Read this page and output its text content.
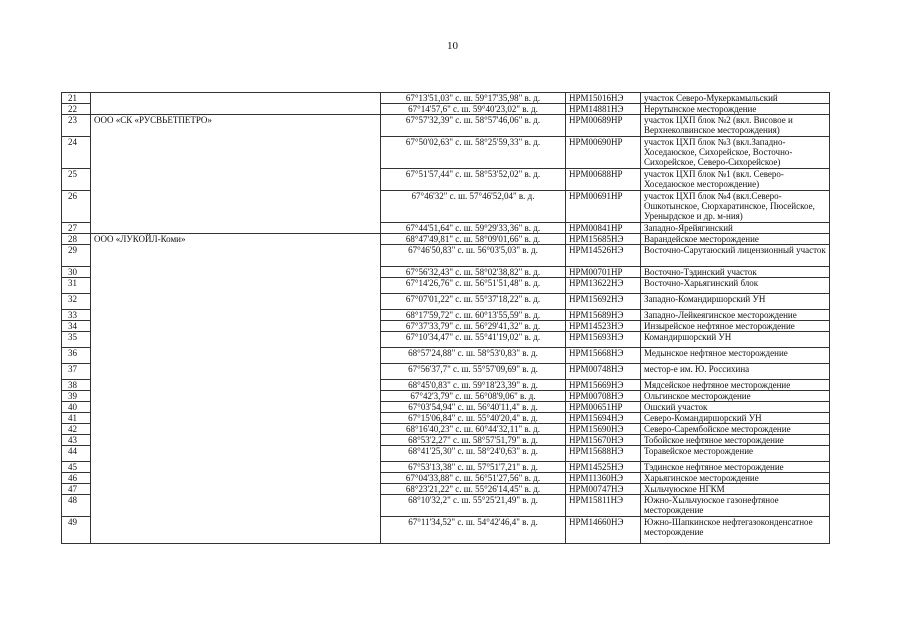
10
21		67°13'51,03" с. ш. 59°17'35,98" в. д.	НРМ15016НЭ	участок Северо-Мукеркамыльский
22		67°14'57,6" с. ш. 59°40'23,02" в. д.	НРМ14881НЭ	Нерутынское месторождение
23	ООО «СК «РУСВЬЕТПЕТРО»	67°57'32,39" с. ш. 58°57'46,06" в. д.	НРМ00689НР	участок ЦХП блок №2 (вкл. Висовое и Верхнеколвинское месторождения)
24		67°50'02,63" с. ш. 58°25'59,33" в. д.	НРМ00690НР	участок ЦХП блок №3 (вкл.Западно-Хоседаюское, Сихорейское, Восточно-Сихорейское, Северо-Сихорейское)
25		67°51'57,44" с. ш. 58°53'52,02" в. д.	НРМ00688НР	участок ЦХП блок №1 (вкл. Северо-Хоседаюское месторождение)
26		67°46'32" с. ш. 57°46'52,04" в. д.	НРМ00691НР	участок ЦХП блок №4 (вкл.Северо-Ошкотынское, Сюрхаратинское, Пюсейское, Уренырдское и др. м-ния)
27		67°44'51,64" с. ш. 59°29'33,36" в. д.	НРМ00841НР	Западно-Ярейягинский
28	ООО «ЛУКОЙЛ-Коми»	68°47'49,81" с. ш. 58°09'01,66" в. д.	НРМ15685НЭ	Варандейское месторождение
29		67°46'50,83" с. ш. 56°03'5,03" в. д.	НРМ14526НЭ	Восточно-Сарутаюский лицензионный участок
30		67°56'32,43" с. ш. 58°02'38,82" в. д.	НРМ00701НР	Восточно-Тэдинский участок
31		67°14'26,76" с. ш. 56°51'51,48" в. д.	НРМ13622НЭ	Восточно-Харьягинский блок
32		67°07'01,22" с. ш. 55°37'18,22" в. д.	НРМ15692НЭ	Западно-Командиршорский УН
33		68°17'59,72" с. ш. 60°13'55,59" в. д.	НРМ15689НЭ	Западно-Лейкеягинское месторождение
34		67°37'33,79" с. ш. 56°29'41,32" в. д.	НРМ14523НЭ	Инзырейское нефтяное месторождение
35		67°10'34,47" с. ш. 55°41'19,02" в. д.	НРМ15693НЭ	Командиршорский УН
36		68°57'24,88" с. ш. 58°53'0,83" в. д.	НРМ15668НЭ	Медынское нефтяное месторождение
37		67°56'37,7" с. ш. 55°57'09,69" в. д.	НРМ00748НЭ	местор-е им. Ю. Россихина
38		68°45'0,83" с. ш. 59°18'23,39" в. д.	НРМ15669НЭ	Мядсейское нефтяное месторождение
39		67°42'3,79" с. ш. 56°08'9,06" в. д.	НРМ00708НЭ	Ольгинское месторождение
40		67°03'54,94" с. ш. 56°40'11,4" в. д.	НРМ00651НР	Ошский участок
41		67°15'06,84" с. ш. 55°40'20,4" в. д.	НРМ15694НЭ	Северо-Командиршорский УН
42		68°16'40,23" с. ш. 60°44'32,11" в. д.	НРМ15690НЭ	Северо-Сарембойское месторождение
43		68°53'2,27" с. ш. 58°57'51,79" в. д.	НРМ15670НЭ	Тобойское нефтяное месторождение
44		68°41'25,30" с. ш. 58°24'0,63" в. д.	НРМ15688НЭ	Торавейское месторождение
45		67°53'13,38" с. ш. 57°51'7,21" в. д.	НРМ14525НЭ	Тэдинское нефтяное месторождение
46		67°04'33,88" с. ш. 56°51'27,56" в. д.	НРМ11360НЭ	Харьягинское месторождение
47		68°23'21,22" с. ш. 55°26'14,45" в. д.	НРМ00747НЭ	Хыльчуюское НГКМ
48		68°10'32,2" с. ш. 55°25'21,49" в. д.	НРМ15811НЭ	Южно-Хыльчуюское газонефтяное месторождение
49		67°11'34,52" с. ш. 54°42'46,4" в. д.	НРМ14660НЭ	Южно-Шапкинское нефтегазоконденсатное месторождение
